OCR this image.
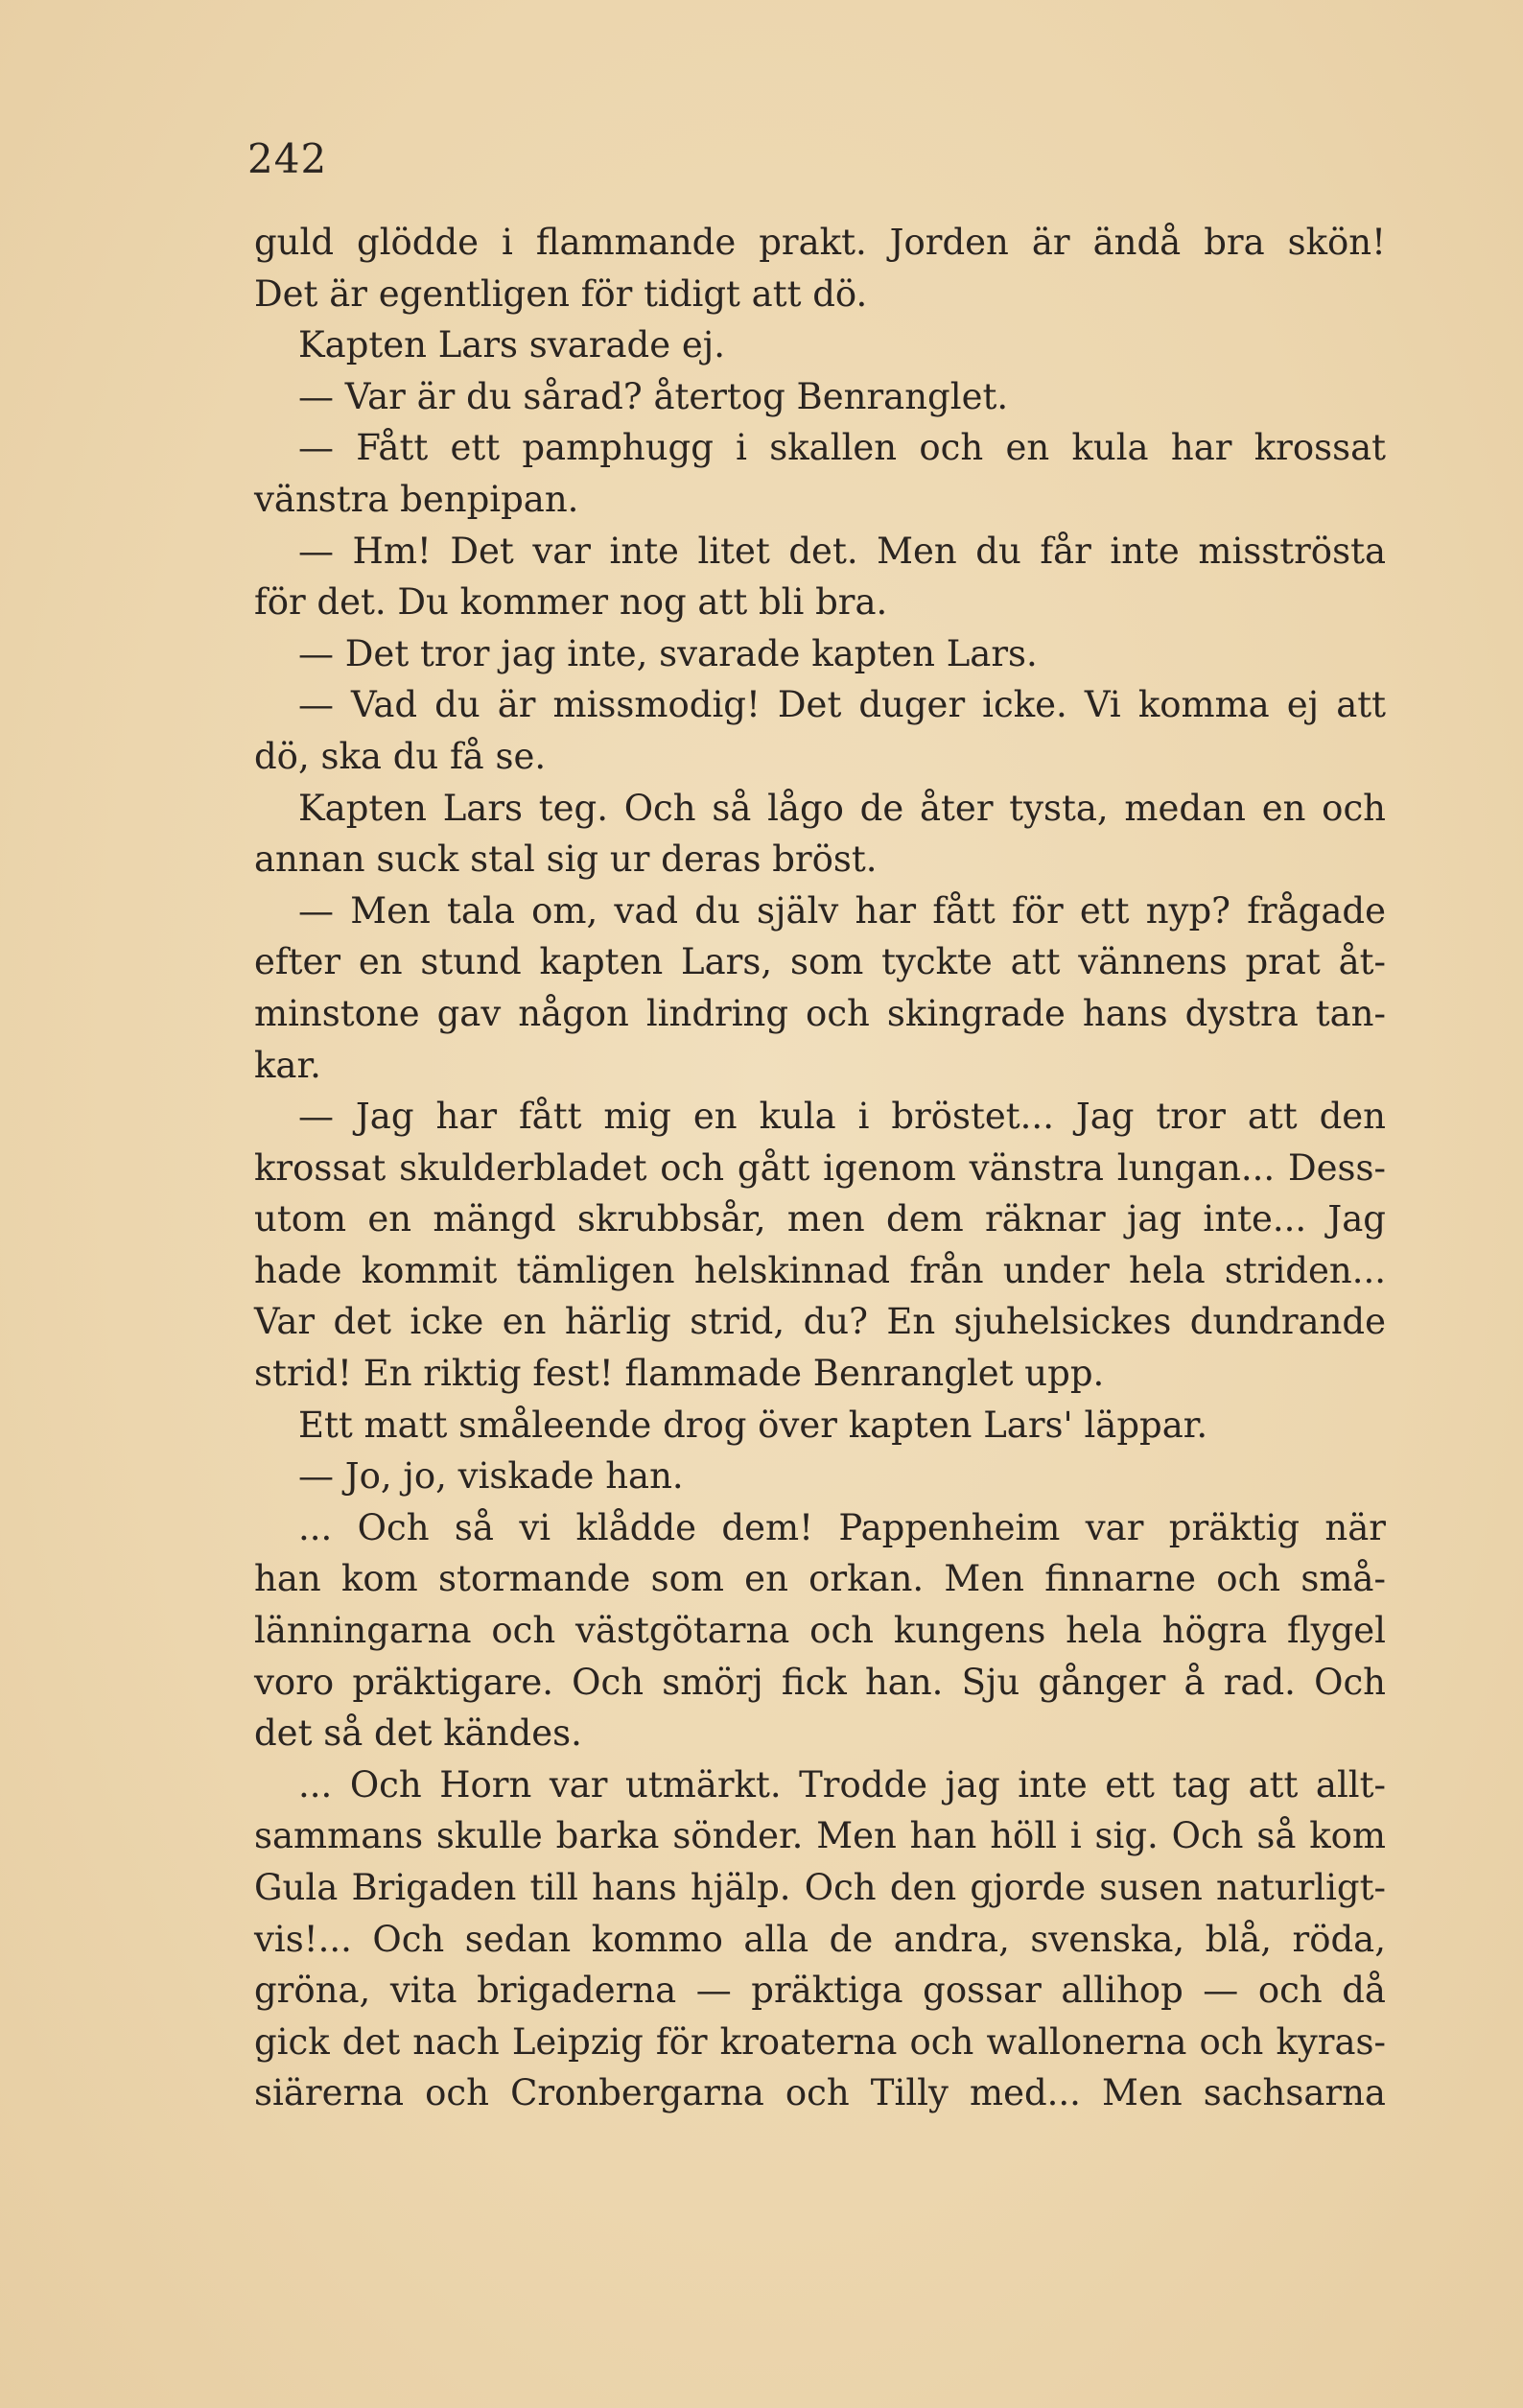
242

guld glödde i flammande prakt. Jorden är ändå bra skön!
Det är egentligen för tidigt att dö.
Kapten Lars svarade ej.
— Var är du sårad? återtog Benranglet.
— Fått ett pamphugg i skallen och en kula har krossat
vänstra benpipan.
— Hm! Det var inte litet det. Men du får inte misströsta
för det. Du kommer nog att bli bra.
— Det tror jag inte, svarade kapten Lars.
— Vad du är missmodig! Det duger icke. Vi komma ej att
dö, ska du få se.
Kapten Lars teg. Och så lågo de åter tysta, medan en och
annan suck stal sig ur deras bröst.
— Men tala om, vad du själv har fått för ett nyp? frågade
efter en stund kapten Lars, som tyckte att vännens prat åt-
minstone gav någon lindring och skingrade hans dystra tan-
kar.
— Jag har fått mig en kula i bröstet... Jag tror att den
krossat skulderbladet och gått igenom vänstra lungan... Dess-
utom en mängd skrubbsår, men dem räknar jag inte... Jag
hade kommit tämligen helskinnad från under hela striden...
Var det icke en härlig strid, du? En sjuhelsickes dundrande
strid! En riktig fest! flammade Benranglet upp.
Ett matt småleende drog över kapten Lars' läppar.
— Jo, jo, viskade han.
... Och så vi klådde dem! Pappenheim var präktig när
han kom stormande som en orkan. Men finnarne och små-
länningarna och västgötarna och kungens hela högra flygel
voro präktigare. Och smörj fick han. Sju gånger å rad. Och
det så det kändes.
... Och Horn var utmärkt. Trodde jag inte ett tag att allt-
sammans skulle barka sönder. Men han höll i sig. Och så kom
Gula Brigaden till hans hjälp. Och den gjorde susen naturligt-
vis!... Och sedan kommo alla de andra, svenska, blå, röda,
gröna, vita brigaderna — präktiga gossar allihop — och då
gick det nach Leipzig för kroaterna och wallonerna och kyras-
siärerna och Cronbergarna och Tilly med... Men sachsarna
